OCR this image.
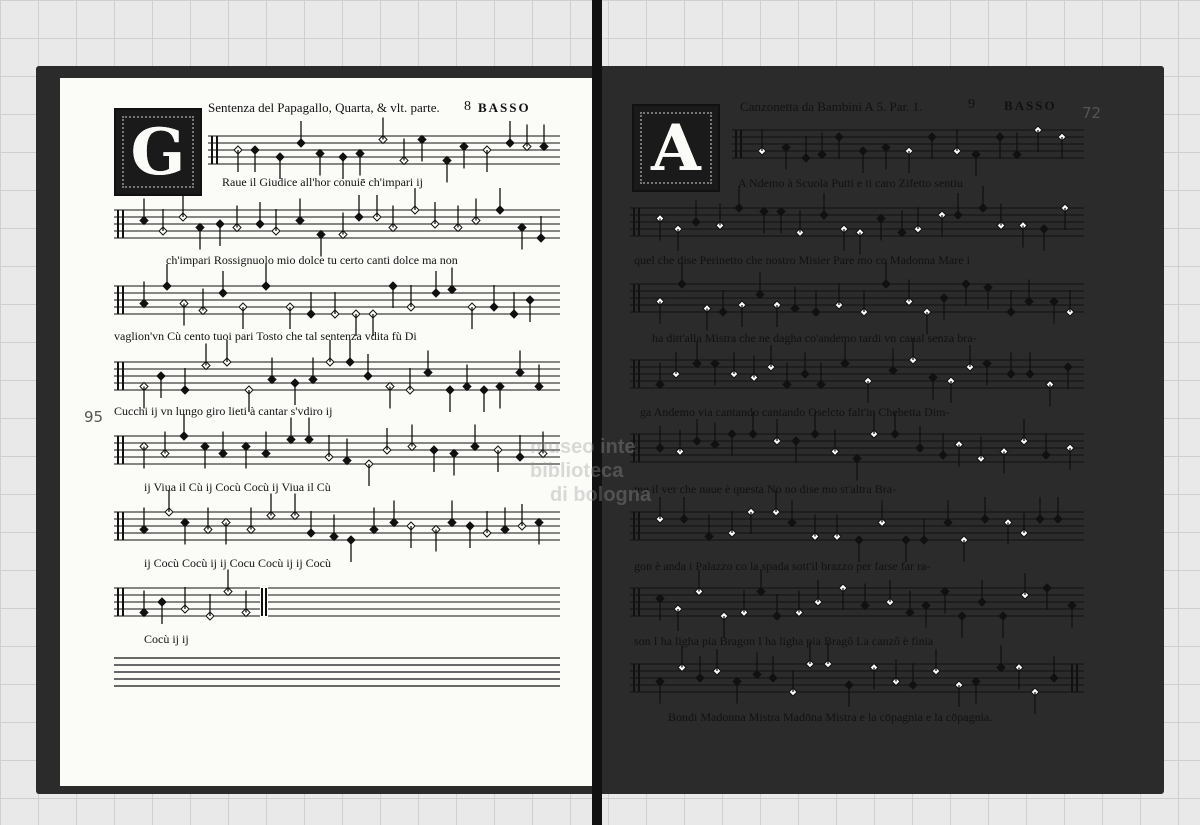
G
Sentenza del Papagallo, Quarta, & vlt. parte. 8 BASSO
95
Raue il Giudice all'hor conuiē ch'impari ij
ch'impari Rossignuolo mio dolce tu certo canti dolce ma non
vaglion'vn Cù cento tuoi pari Tosto che tal sentenza vdita fù Di
Cucchi ij vn lungo giro lieti à cantar s'vdiro ij
ij Viua il Cù ij Cocù Cocù ij Viua il Cù
ij Cocù Cocù ij ij Cocu Cocù ij ij Cocù
Cocù ij ij
A
Canzonetta da Bambini A 5. Par. 1.	9 BASSO 72
A Ndemo à Scuola Putti e ti caro Zifetto sentiu
quel che dise Perinetto che nostro Misier Pare mo co Madonna Mare i
ha ditt'alla Mistra che ne dagha co'andemo tardi vn caual senza bra-
ga Andemo via cantando cantando Oselcto falt'in Chebetta Dim-
me il ver che naue è questa No no dise mo st'altra Bra-
gon è anda i Palazzo co la spada sott'il brazzo per farse far ra-
son I ha ligha pia Bragon I ha ligha pia Bragô La canzô è finia
Bondi Madonna Mistra Madōna Mistra e la cōpagnia e la cōpagnia.
museo inte
biblioteca
di bologna
